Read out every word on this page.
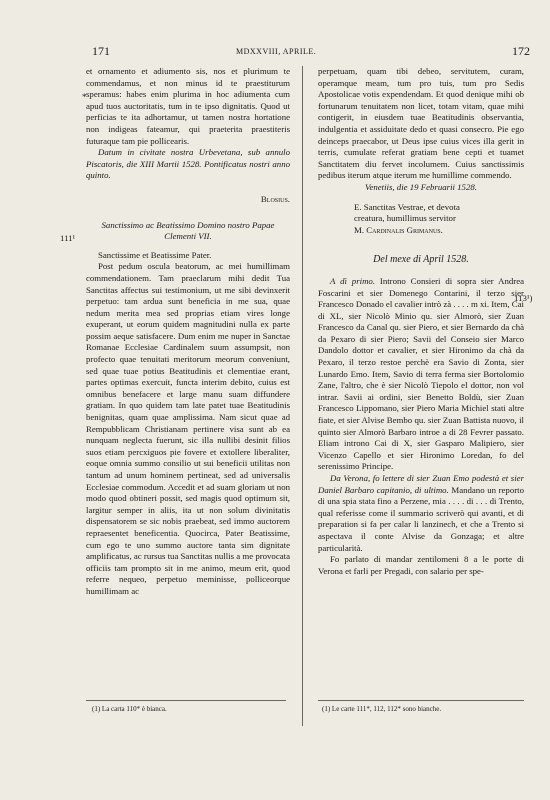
171	MDXXVIII, APRILE.	172
*
111¹
113¹)

et ornamento et adiumento sis, nos et plurimum te commendamus, et non minus id te praestiturum speramus: habes enim plurima in hoc adiumenta cum apud tuos auctoritatis, tum in te ipso dignitatis. Quod ut perficias te ita adhortamur, ut tamen nostra hortatione non indigeas fateamur, qui praeterita praestiteris futuraque tam pie pollicearis.

Datum in civitate nostra Urbevetana, sub annulo Piscatoris, die XIII Martii 1528. Pontificatus nostri anno quinto.

Blosius.

Sanctissimo ac Beatissimo Domino nostro Papae Clementi VII.

Sanctissime et Beatissime Pater.

Post pedum oscula beatorum, ac mei humillimam commendationem. Tam praeclarum mihi dedit Tua Sanctitas affectus sui testimonium, ut me sibi devinxerit perpetuo: tam ardua sunt beneficia in me sua, quae nedum merita mea sed proprias etiam vires longe exuperant, ut eorum quidem magnitudini nulla ex parte possim aeque satisfacere. Dum enim me nuper in Sanctae Romanae Ecclesiae Cardinalem suum assumpsit, non profecto quae tenuitati meritorum meorum conveniunt, sed quae tuae potius Beatitudinis et clementiae erant, partes optimas exercuit, functa interim debito, cuius est omnibus benefacere et large manu suam diffundere gratiam. In quo quidem tam late patet tuae Beatitudinis benignitas, quam quae amplissima. Nam sicut quae ad Rempubblicam Christianam pertinere visa sunt ab ea nunquam neglecta fuerunt, sic illa nullibi desinit filios suos etiam percxiguos pie fovere et extollere liberaliter, eoque omnia summo consilio ut sui beneficii utilitas non tantum ad unum hominem pertineat, sed ad universalis Ecclesiae commodum. Accedit et ad suam gloriam ut non modo quod obtineri possit, sed magis quod optimum sit, largitur semper in aliis, ita ut non solum divinitatis dispensatorem se sic nobis praebeat, sed immo auctorem repraesentet beneficentia. Quocirca, Pater Beatissime, cum ego te uno summo auctore tanta sim dignitate amplificatus, ac rursus tua Sanctitas nullis a me provocata officiis tam prompto sit in me animo, meum erit, quod referre nequeo, perpetuo meminisse, polliceorque humillimam ac

perpetuam, quam tibi debeo, servitutem, curam, operamque meam, tum pro tuis, tum pro Sedis Apostolicae votis expendendam. Et quod denique mihi ob fortunarum tenuitatem non licet, totam vitam, quae mihi contigerit, in eiusdem tuae Beatitudinis observantia, indulgentia et assiduitate dedo et quasi consecro. Pie ego deinceps praecabor, ut Deus ipse cuius vices illa gerit in terris, cumulate referat gratiam bene cepti et tuamet Sanctitatem diu fervet incolumem. Cuius sanctissimis pedibus iterum atque iterum me humillime commendo.

Venetiis, die 19 Februarii 1528.

E. Sanctitas Vestrae, et devota

creatura, humillimus servitor

M. Cardinalis Grimanus.

Del mexe di April 1528.

A dì primo. Introno Consieri di sopra sier Andrea Foscarini et sier Domenego Contarini, il terzo sier Francesco Donado el cavalier intrò zà . . . . m xi. Item, Cai di XL, sier Nicolò Minio qu. sier Almorò, sier Zuan Francesco da Canal qu. sier Piero, et sier Bernardo da chà da Pexaro di sier Piero; Savii del Conseio sier Marco Dandolo dottor et cavalier, et sier Hironimo da chà da Pexaro, il terzo restoe perchè era Savio di Zonta, sier Lunardo Emo. Item, Savio di terra ferma sier Bortolomio Zane, l'altro, che è sier Nicolò Tiepolo el dottor, non vol intrar. Savii ai ordini, sier Benetto Boldù, sier Zuan Francesco Lippomano, sier Piero Maria Michiel stati altre fiate, et sier Alvise Bembo qu. sier Zuan Battista nuovo, il quinto sier Almorò Barbaro introe a di 28 Fevrer passato. Eliam introno Cai di X, sier Gasparo Malipiero, sier Vicenzo Capello et sier Hironimo Loredan, fo del serenissimo Principe.

Da Verona, fo lettere di sier Zuan Emo podestà et sier Daniel Barbaro capitanio, di ultimo. Mandano un reporto di una spia stata fino a Perzene, mia . . . . di . . . di Trento, qual referisse come il summario scriverò qui avanti, et di preparation si fa per calar li lanzinech, et che a Trento si aspectava il conte Alvise da Gonzaga; et altre particularità.

Fo parlato di mandar zentilomeni 8 a le porte di Verona et farli per Pregadi, con salario per spe-

(1) La carta 110* è bianca.	(1) Le carte 111*, 112, 112* sono bianche.
